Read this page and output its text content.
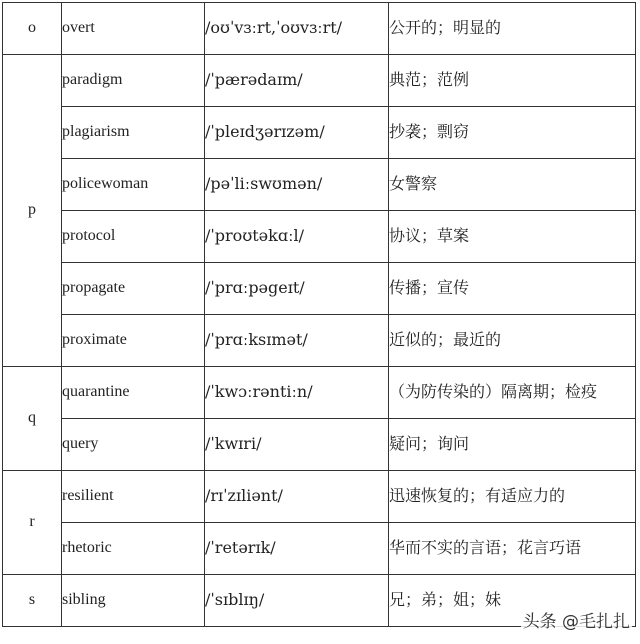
o	overt	/oʊˈvɜːrt,ˈoʊvɜːrt/	公开的；明显的
p	paradigm	/ˈpærədaɪm/	典范；范例
	plagiarism	/ˈpleɪdʒərɪzəm/	抄袭；剽窃
	policewoman	/pəˈliːswʊmən/	女警察
	protocol	/ˈproʊtəkɑːl/	协议；草案
	propagate	/ˈprɑːpəgeɪt/	传播；宣传
	proximate	/ˈprɑːksɪmət/	近似的；最近的
q	quarantine	/ˈkwɔːrəntiːn/	（为防传染的）隔离期；检疫
	query	/ˈkwɪri/	疑问；询问
r	resilient	/rɪˈzɪliənt/	迅速恢复的；有适应力的
	rhetoric	/ˈretərɪk/	华而不实的言语；花言巧语
s	sibling	/ˈsɪblɪŋ/	兄；弟；姐；妹
头条 @毛扎扎
